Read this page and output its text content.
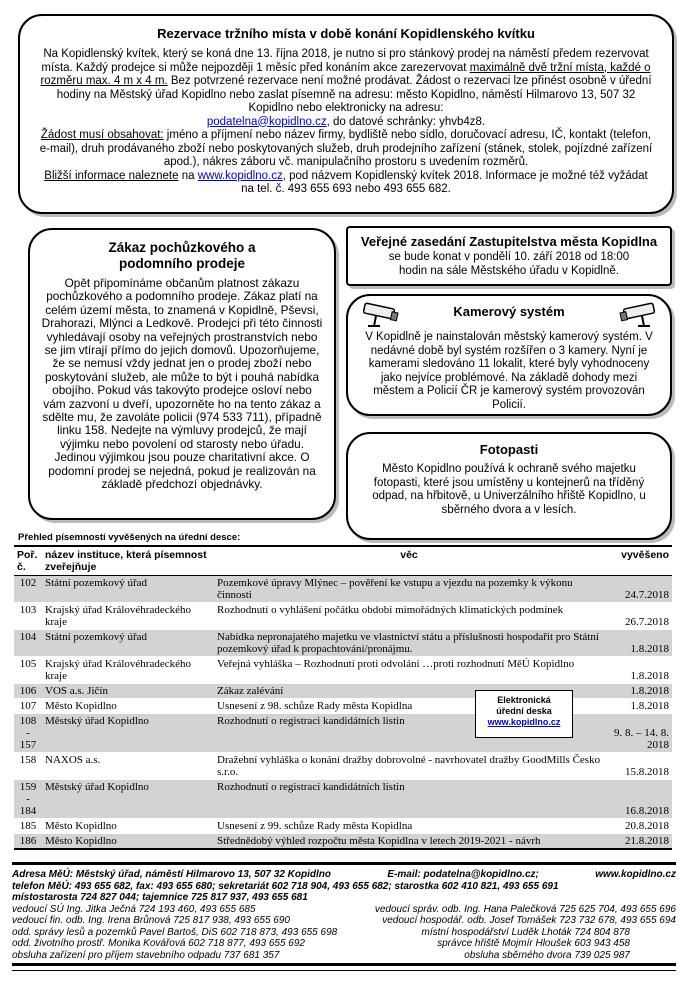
Rezervace tržního místa v době konání Kopidlenského kvítku
Na Kopidlenský kvítek, který se koná dne 13. října 2018, je nutno si pro stánkový prodej na náměstí předem rezervovat místa. Každý prodejce si může nejpozději 1 měsíc před konáním akce zarezervovat maximálně dvě tržní místa, každé o rozměru max. 4 m x 4 m. Bez potvrzené rezervace není možné prodávat. Žádost o rezervaci lze přinést osobně v úřední hodiny na Městský úřad Kopidlno nebo zaslat písemně na adresu: město Kopidlno, náměstí Hilmarovo 13, 507 32 Kopidlno nebo elektronicky na adresu:
podatelna@kopidlno.cz, do datové schránky: yhvb4z8.
Žádost musí obsahovat: jméno a příjmení nebo název firmy, bydliště nebo sídlo, doručovací adresu, IČ, kontakt (telefon, e-mail), druh prodávaného zboží nebo poskytovaných služeb, druh prodejního zařízení (stánek, stolek, pojízdné zařízení apod.), nákres záboru vč. manipulačního prostoru s uvedením rozměrů.
Bližší informace naleznete na www.kopidlno.cz, pod názvem Kopidlenský kvítek 2018. Informace je možné též vyžádat na tel. č. 493 655 693 nebo 493 655 682.
Zákaz pochůzkového a podomního prodeje
Opět připomínáme občanům platnost zákazu pochůzkového a podomního prodeje. Zákaz platí na celém území města, to znamená v Kopidlně, Pševsi, Drahorazi, Mlýnci a Ledkově. Prodejci při této činnosti vyhledávají osoby na veřejných prostranstvích nebo se jim vtírají přímo do jejich domovů. Upozorňujeme, že se nemusí vždy jednat jen o prodej zboží nebo poskytování služeb, ale může to být i pouhá nabídka obojího. Pokud vás takovýto prodejce osloví nebo vám zazvoní u dveří, upozorněte ho na tento zákaz a sdělte mu, že zavoláte policii (974 533 711), případně linku 158. Nedejte na výmluvy prodejců, že mají výjimku nebo povolení od starosty nebo úřadu. Jedinou výjimkou jsou pouze charitativní akce. O podomní prodej se nejedná, pokud je realizován na základě předchozí objednávky.
Veřejné zasedání Zastupitelstva města Kopidlna
se bude konat v pondělí 10. září 2018 od 18:00 hodin na sále Městského úřadu v Kopidlně.
Kamerový systém
V Kopidlně je nainstalován městský kamerový systém. V nedávné době byl systém rozšířen o 3 kamery. Nyní je kamerami sledováno 11 lokalit, které byly vyhodnoceny jako nejvíce problémové. Na základě dohody mezi městem a Policií ČR je kamerový systém provozován Policií.
Fotopasti
Město Kopidlno používá k ochraně svého majetku fotopasti, které jsou umístěny u kontejnerů na tříděný odpad, na hřbitově, u Univerzálního hřiště Kopidlno, u sběrného dvora a v lesích.
Přehled písemností vyvěšených na úřední desce:
Poř. č.	název instituce, která písemnost zveřejňuje	věc	vyvěšeno
102	Státní pozemkový úřad	Pozemkové úpravy Mlýnec – pověření ke vstupu a vjezdu na pozemky k výkonu činnosti	24.7.2018
103	Krajský úřad Královéhradeckého kraje	Rozhodnutí o vyhlášení počátku období mimořádných klimatických podmínek	26.7.2018
104	Státní pozemkový úřad	Nabídka nepronajatého majetku ve vlastnictví státu a příslušnosti hospodařit pro Státní pozemkový úřad k propachtování/pronájmu.	1.8.2018
105	Krajský úřad Královéhradeckého kraje	Veřejná vyhláška – Rozhodnutí proti odvolání …proti rozhodnutí MěÚ Kopidlno	1.8.2018
106	VOS a.s. Jičín	Zákaz zalévání	1.8.2018
107	Město Kopidlno	Usnesení z 98. schůze Rady města Kopidlna	1.8.2018
108 - 157	Městský úřad Kopidlno	Rozhodnutí o registraci kandidátních listin	9. 8. – 14. 8. 2018
158	NAXOS a.s.	Dražební vyhláška o konání dražby dobrovolné - navrhovatel dražby GoodMills Česko s.r.o.	15.8.2018
159 - 184	Městský úřad Kopidlno	Rozhodnutí o registraci kandidátních listin	16.8.2018
185	Město Kopidlno	Usnesení z 99. schůze Rady města Kopidlna	20.8.2018
186	Město Kopidlno	Střednědobý výhled rozpočtu města Kopidlna v letech 2019-2021 - návrh	21.8.2018
Elektronická úřední deska
www.kopidlno.cz
Adresa MěÚ: Městský úřad, náměstí Hilmarovo 13, 507 32 Kopidlno	E-mail: podatelna@kopidlno.cz;	www.kopidlno.cz
telefon MěÚ: 493 655 682, fax: 493 655 680; sekretariát 602 718 904, 493 655 682; starostka 602 410 821, 493 655 691
místostarosta 724 827 044; tajemnice 725 817 937, 493 655 681
vedoucí SÚ Ing. Jitka Ječná 724 193 460, 493 655 685	vedoucí správ. odb. Ing. Hana Palečková 725 625 704, 493 655 696
vedoucí fin. odb. Ing. Irena Brůnová 725 817 938, 493 655 690	vedoucí hospodář. odb. Josef Tomášek 723 732 678, 493 655 694
odd. správy lesů a pozemků Pavel Bartoš, DiS 602 718 873, 493 655 698	místní hospodářství Luděk Lhoták 724 804 878
odd. životního prostř. Monika Kovářová 602 718 877, 493 655 692	správce hřiště Mojmír Hloušek 603 943 458
obsluha zařízení pro příjem stavebního odpadu 737 681 357	obsluha sběrného dvora 739 025 987
